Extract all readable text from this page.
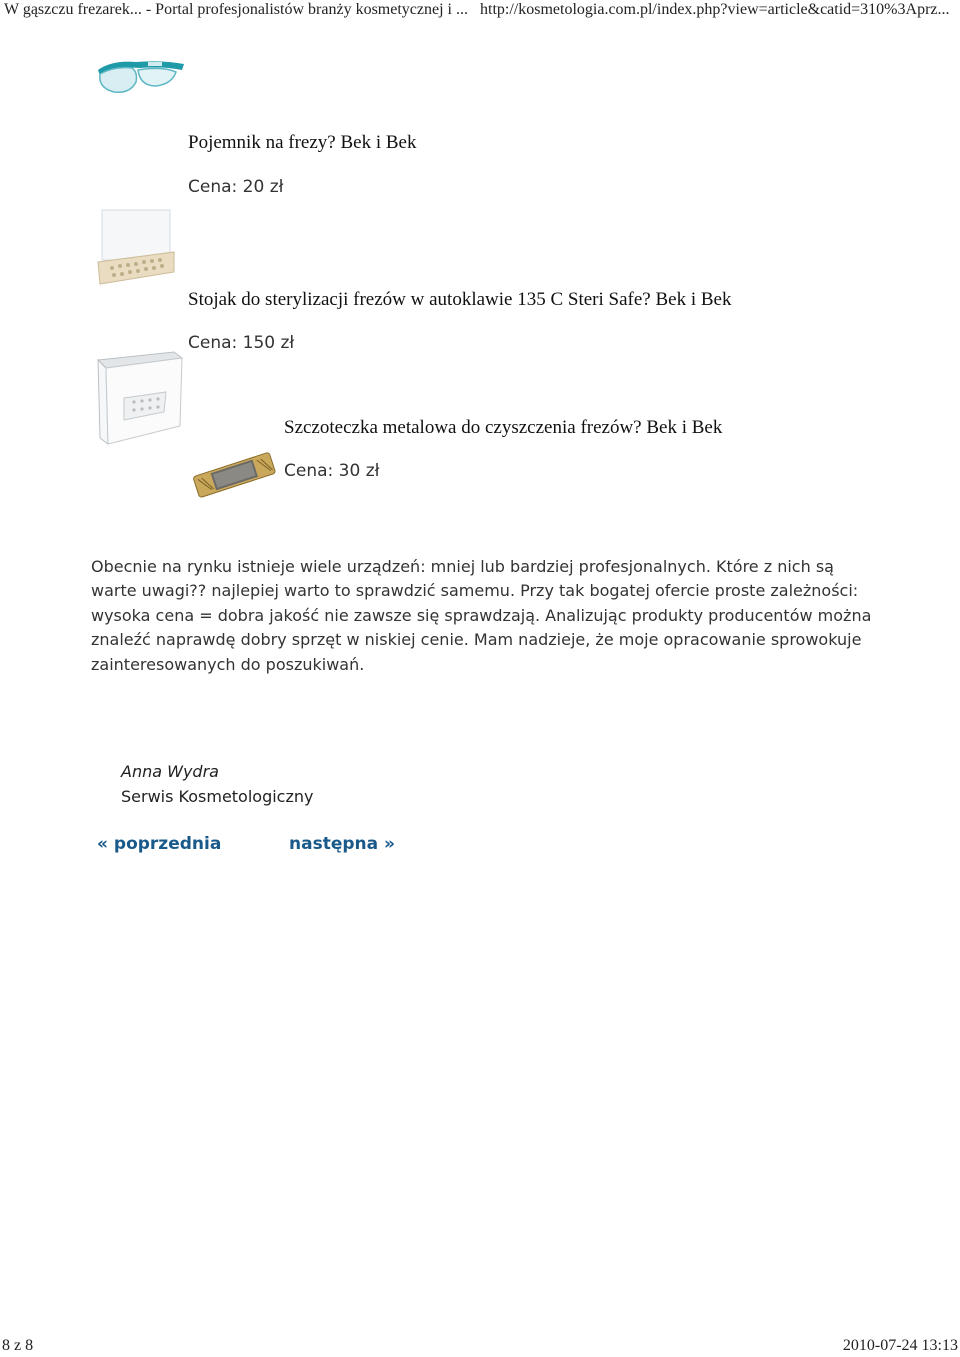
W gąszczu frezarek... - Portal profesjonalistów branży kosmetycznej i ... http://kosmetologia.com.pl/index.php?view=article&catid=310%3Aprz...
Pojemnik na frezy? Bek i Bek
Cena: 20 zł
Stojak do sterylizacji frezów w autoklawie 135 C Steri Safe? Bek i Bek
Cena: 150 zł
Szczoteczka metalowa do czyszczenia frezów? Bek i Bek
Cena: 30 zł
Obecnie na rynku istnieje wiele urządzeń: mniej lub bardziej profesjonalnych. Które z nich są warte uwagi?? najlepiej warto to sprawdzić samemu. Przy tak bogatej ofercie proste zależności: wysoka cena = dobra jakość nie zawsze się sprawdzają. Analizując produkty producentów można znaleźć naprawdę dobry sprzęt w niskiej cenie. Mam nadzieje, że moje opracowanie sprowokuje zainteresowanych do poszukiwań.
Anna Wydra
Serwis Kosmetologiczny
« poprzednia	następna »
8 z 8	2010-07-24 13:13
